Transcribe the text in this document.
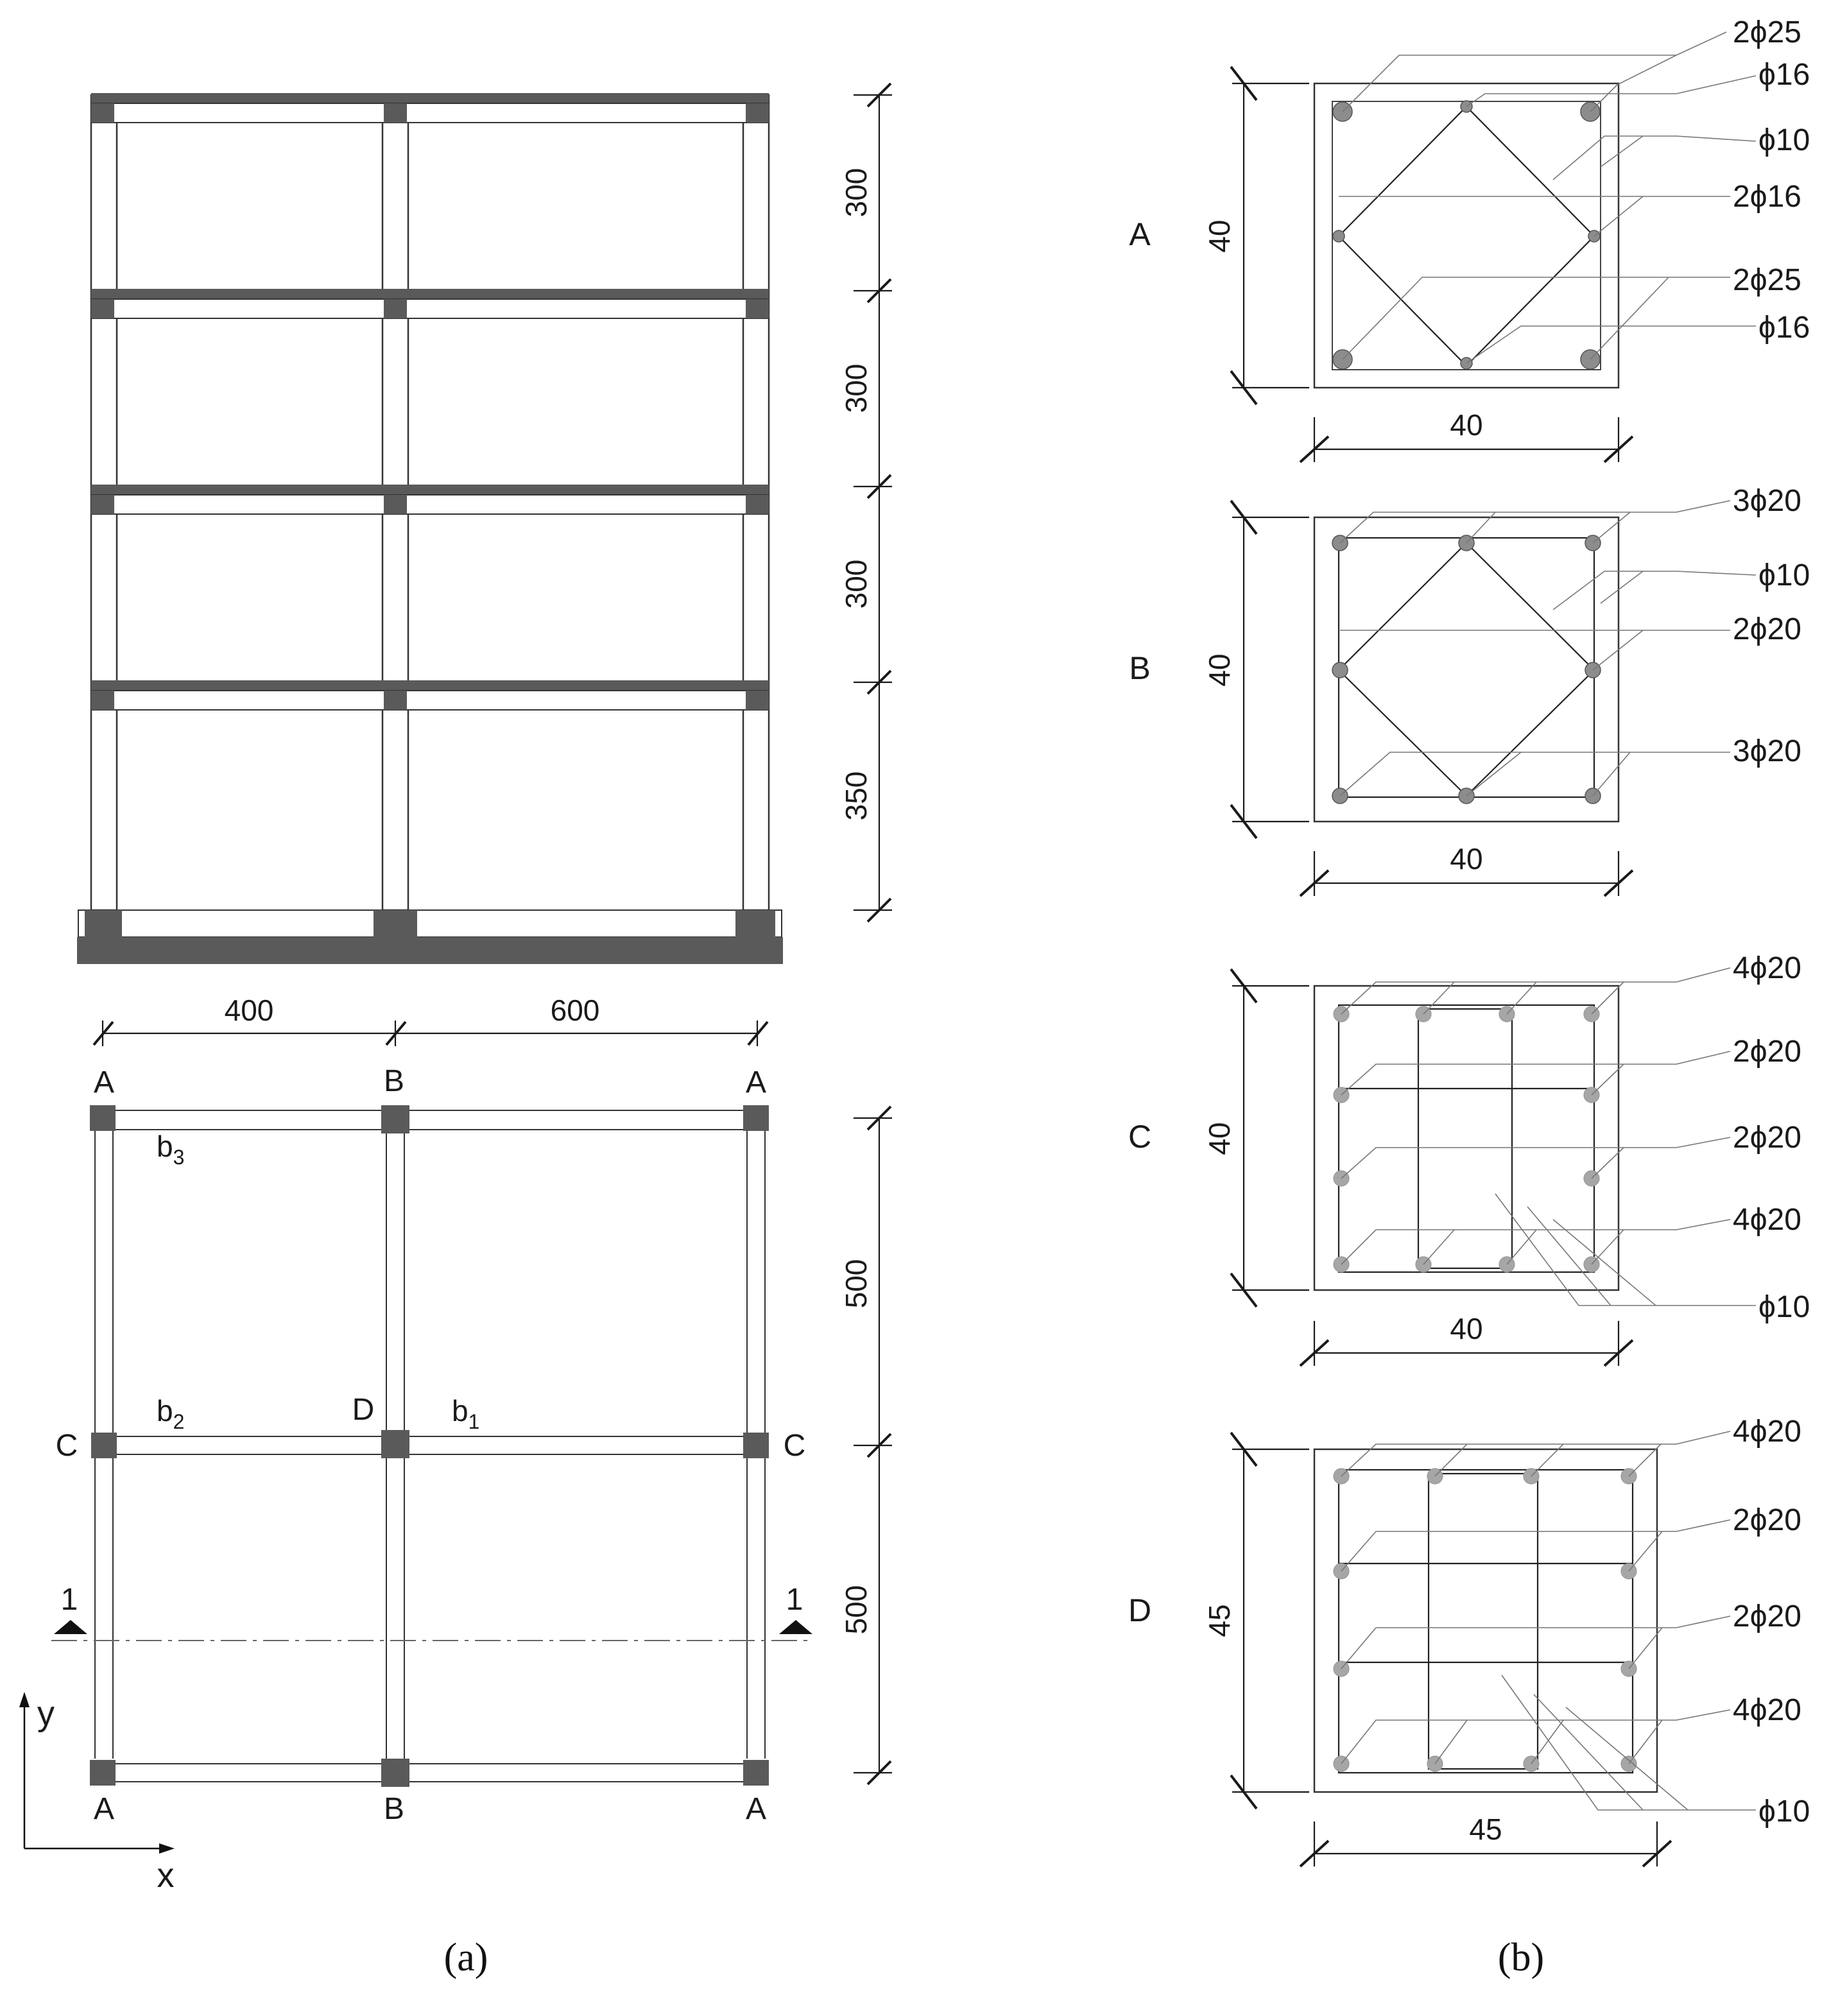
300
300
300
350
400	600
A	B	A
C	C
D
A	B	A
$b_3$
$b_2$	$b_1$
1	1
500
500
y
x
(a)
A 40
40
2ϕ25
ϕ16
ϕ10
2ϕ16
2ϕ25
ϕ16
B 40
40
3ϕ20
ϕ10
2ϕ20
3ϕ20
C 40
40
4ϕ20
2ϕ20
2ϕ20
4ϕ20
ϕ10
D 45
45
4ϕ20
2ϕ20
2ϕ20
4ϕ20
ϕ10
(b)
